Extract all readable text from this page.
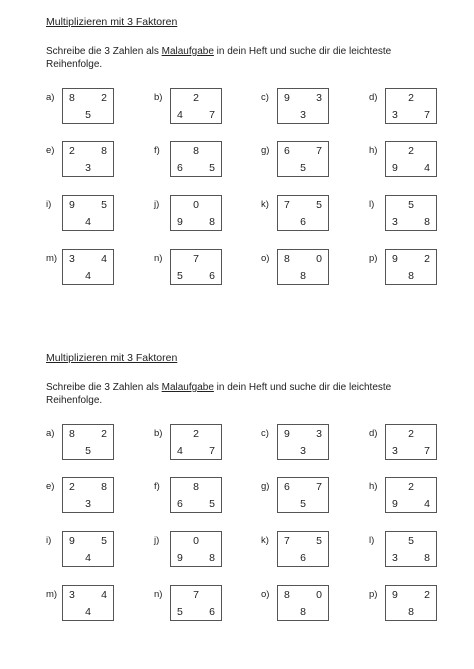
Multiplizieren mit 3 Faktoren
Schreibe die 3 Zahlen als Malaufgabe in dein Heft und suche dir die leichteste Reihenfolge.
a)	8	2
5
b)	2
4	7
c)	9	3
3
d)	2
3	7
e)	2	8
3
f)	8
6	5
g)	6	7
5
h)	2
9	4
i)	9	5
4
j)	0
9	8
k)	7	5
6
l)	5
3	8
m)	3	4
4
n)	7
5	6
o)	8	0
8
p)	9	2
8
Multiplizieren mit 3 Faktoren
Schreibe die 3 Zahlen als Malaufgabe in dein Heft und suche dir die leichteste Reihenfolge.
a)	8	2
5
b)	2
4	7
c)	9	3
3
d)	2
3	7
e)	2	8
3
f)	8
6	5
g)	6	7
5
h)	2
9	4
i)	9	5
4
j)	0
9	8
k)	7	5
6
l)	5
3	8
m)	3	4
4
n)	7
5	6
o)	8	0
8
p)	9	2
8
